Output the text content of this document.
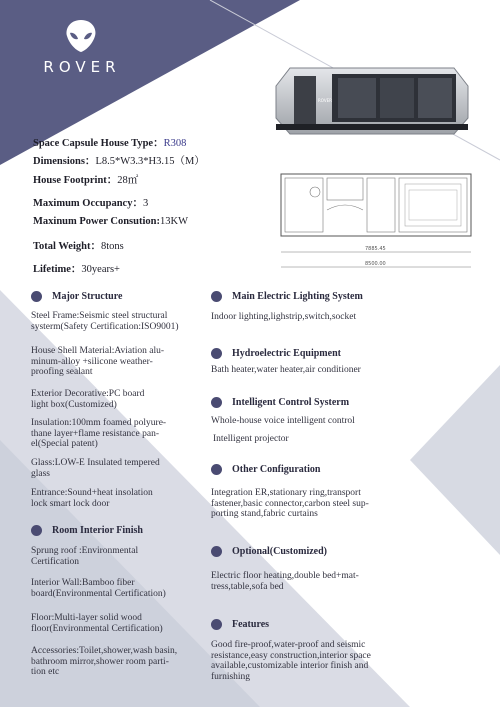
ROVER
ROVER
7885.45
8500.00
Space Capsule House Type：R308
Dimensions：L8.5*W3.3*H3.15（M）
House Footprint：28㎡
Maximum Occupancy：3
Maxinum Power Consution:13KW
Total Weight：8tons
Lifetime：30years+
Major Structure
Steel Frame:Seismic steel structural
systerm(Safety Certification:ISO9001)
House Shell Material:Aviation alu-
minum-alloy +silicone weather-
proofing sealant
Exterior Decorative:PC board
light box(Customized)
Insulation:100mm foamed polyure-
thane layer+flame resistance pan-
el(Special patent)
Glass:LOW-E Insulated tempered
glass
Entrance:Sound+heat insolation
lock smart lock door
Room Interior Finish
Sprung roof :Environmental
Certification
Interior Wall:Bamboo fiber
board(Environmental Certification)
Floor:Multi-layer solid wood
floor(Environmental Certification)
Accessories:Toilet,shower,wash basin,
bathroom mirror,shower room parti-
tion etc
Main Electric Lighting System
Indoor lighting,lighstrip,switch,socket
Hydroelectric Equipment
Bath heater,water heater,air conditioner
Intelligent Control Systerm
Whole-house voice intelligent control
Intelligent projector
Other Configuration
Integration ER,stationary ring,transport
fastener,basic connector,carbon steel sup-
porting stand,fabric curtains
Optional(Customized)
Electric floor heating,double bed+mat-
tress,table,sofa bed
Features
Good fire-proof,water-proof and seismic
resistance,easy construction,interior space
available,customizable interior finish and
furnishing
